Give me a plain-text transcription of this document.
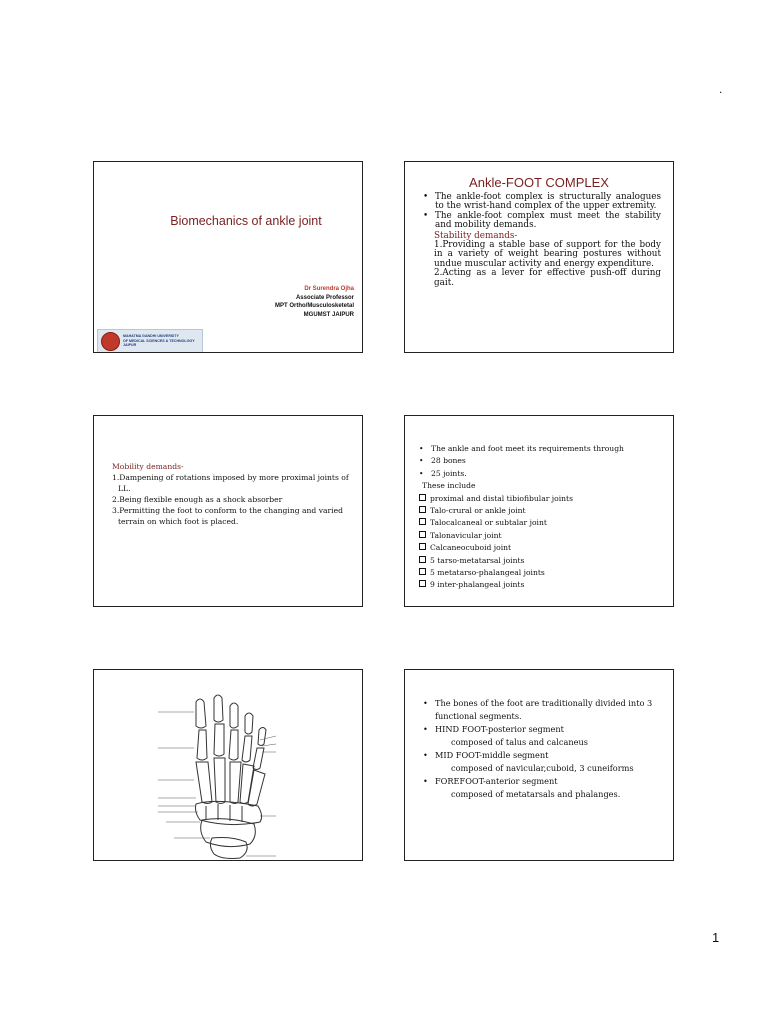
.
Biomechanics of ankle joint
Dr Surendra Ojha
Associate Professor
MPT Ortho/Musculosketetal
MGUMST JAIPUR
MAHATMA GANDHI UNIVERSITY
OF MEDICAL SCIENCES & TECHNOLOGY
JAIPUR
Ankle-FOOT COMPLEX
• The ankle-foot complex is structurally analogues to the wrist-hand complex of the upper extremity.
• The ankle-foot complex must meet the stability and mobility demands.
Stability demands-
1.Providing a stable base of support for the body in a variety of weight bearing postures without undue muscular activity and energy expenditure.
2.Acting as a lever for effective push-off during gait.
Mobility demands-
1.Dampening of rotations imposed by more proximal joints of LL.
2.Being flexible enough as a shock absorber
3.Permitting the foot to conform to the changing and varied terrain on which foot is placed.
• The ankle and foot meet its requirements through
• 28 bones
• 25 joints.
These include
proximal and distal tibiofibular joints
Talo-crural or ankle joint
Talocalcaneal or subtalar joint
Talonavicular joint
Calcaneocuboid joint
5 tarso-metatarsal joints
5 metatarso-phalangeal joints
9 inter-phalangeal joints
• The bones of the foot are traditionally divided into 3 functional segments.
• HIND FOOT-posterior segment
composed of talus and calcaneus
• MID FOOT-middle segment
composed of navicular,cuboid, 3 cuneiforms
• FOREFOOT-anterior segment
composed of metatarsals and phalanges.
1
